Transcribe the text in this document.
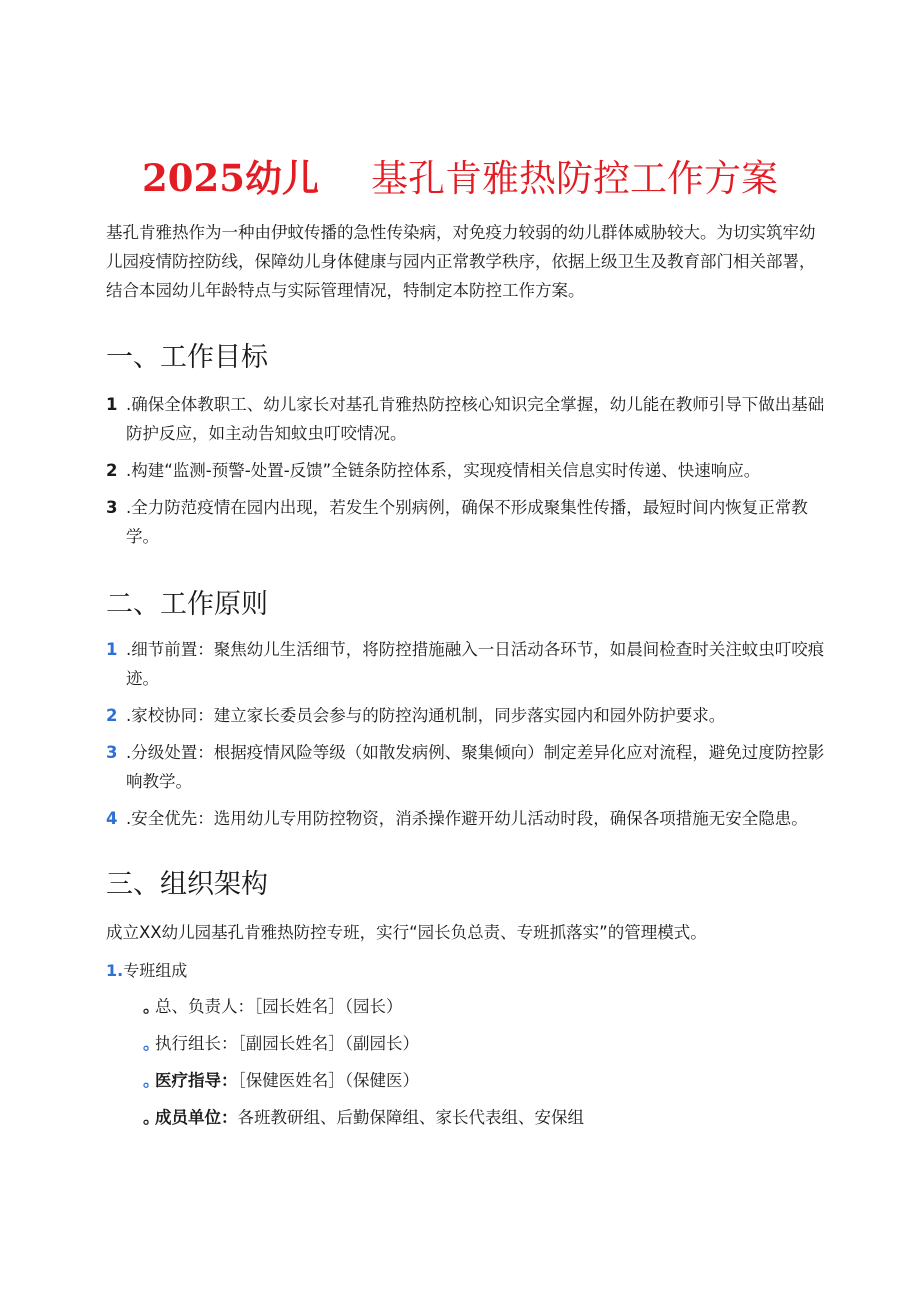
2025幼儿 基孔肯雅热防控工作方案

基孔肯雅热作为一种由伊蚊传播的急性传染病，对免疫力较弱的幼儿群体威胁较大。为切实筑牢幼儿园疫情防控防线，保障幼儿身体健康与园内正常教学秩序，依据上级卫生及教育部门相关部署，结合本园幼儿年龄特点与实际管理情况，特制定本防控工作方案。

一、工作目标
1 .确保全体教职工、幼儿家长对基孔肯雅热防控核心知识完全掌握，幼儿能在教师引导下做出基础防护反应，如主动告知蚊虫叮咬情况。
2 .构建“监测-预警-处置-反馈”全链条防控体系，实现疫情相关信息实时传递、快速响应。
3 .全力防范疫情在园内出现，若发生个别病例，确保不形成聚集性传播，最短时间内恢复正常教学。
二、工作原则
1 .细节前置：聚焦幼儿生活细节，将防控措施融入一日活动各环节，如晨间检查时关注蚊虫叮咬痕迹。
2 .家校协同：建立家长委员会参与的防控沟通机制，同步落实园内和园外防护要求。
3 .分级处置：根据疫情风险等级（如散发病例、聚集倾向）制定差异化应对流程，避免过度防控影响教学。
4 .安全优先：选用幼儿专用防控物资，消杀操作避开幼儿活动时段，确保各项措施无安全隐患。
三、组织架构

成立XX幼儿园基孔肯雅热防控专班，实行“园长负总责、专班抓落实”的管理模式。

1.专班组成
。总、负责人：［园长姓名］（园长）
。执行组长：［副园长姓名］（副园长）
。医疗指导：［保健医姓名］（保健医）
。成员单位：各班教研组、后勤保障组、家长代表组、安保组
